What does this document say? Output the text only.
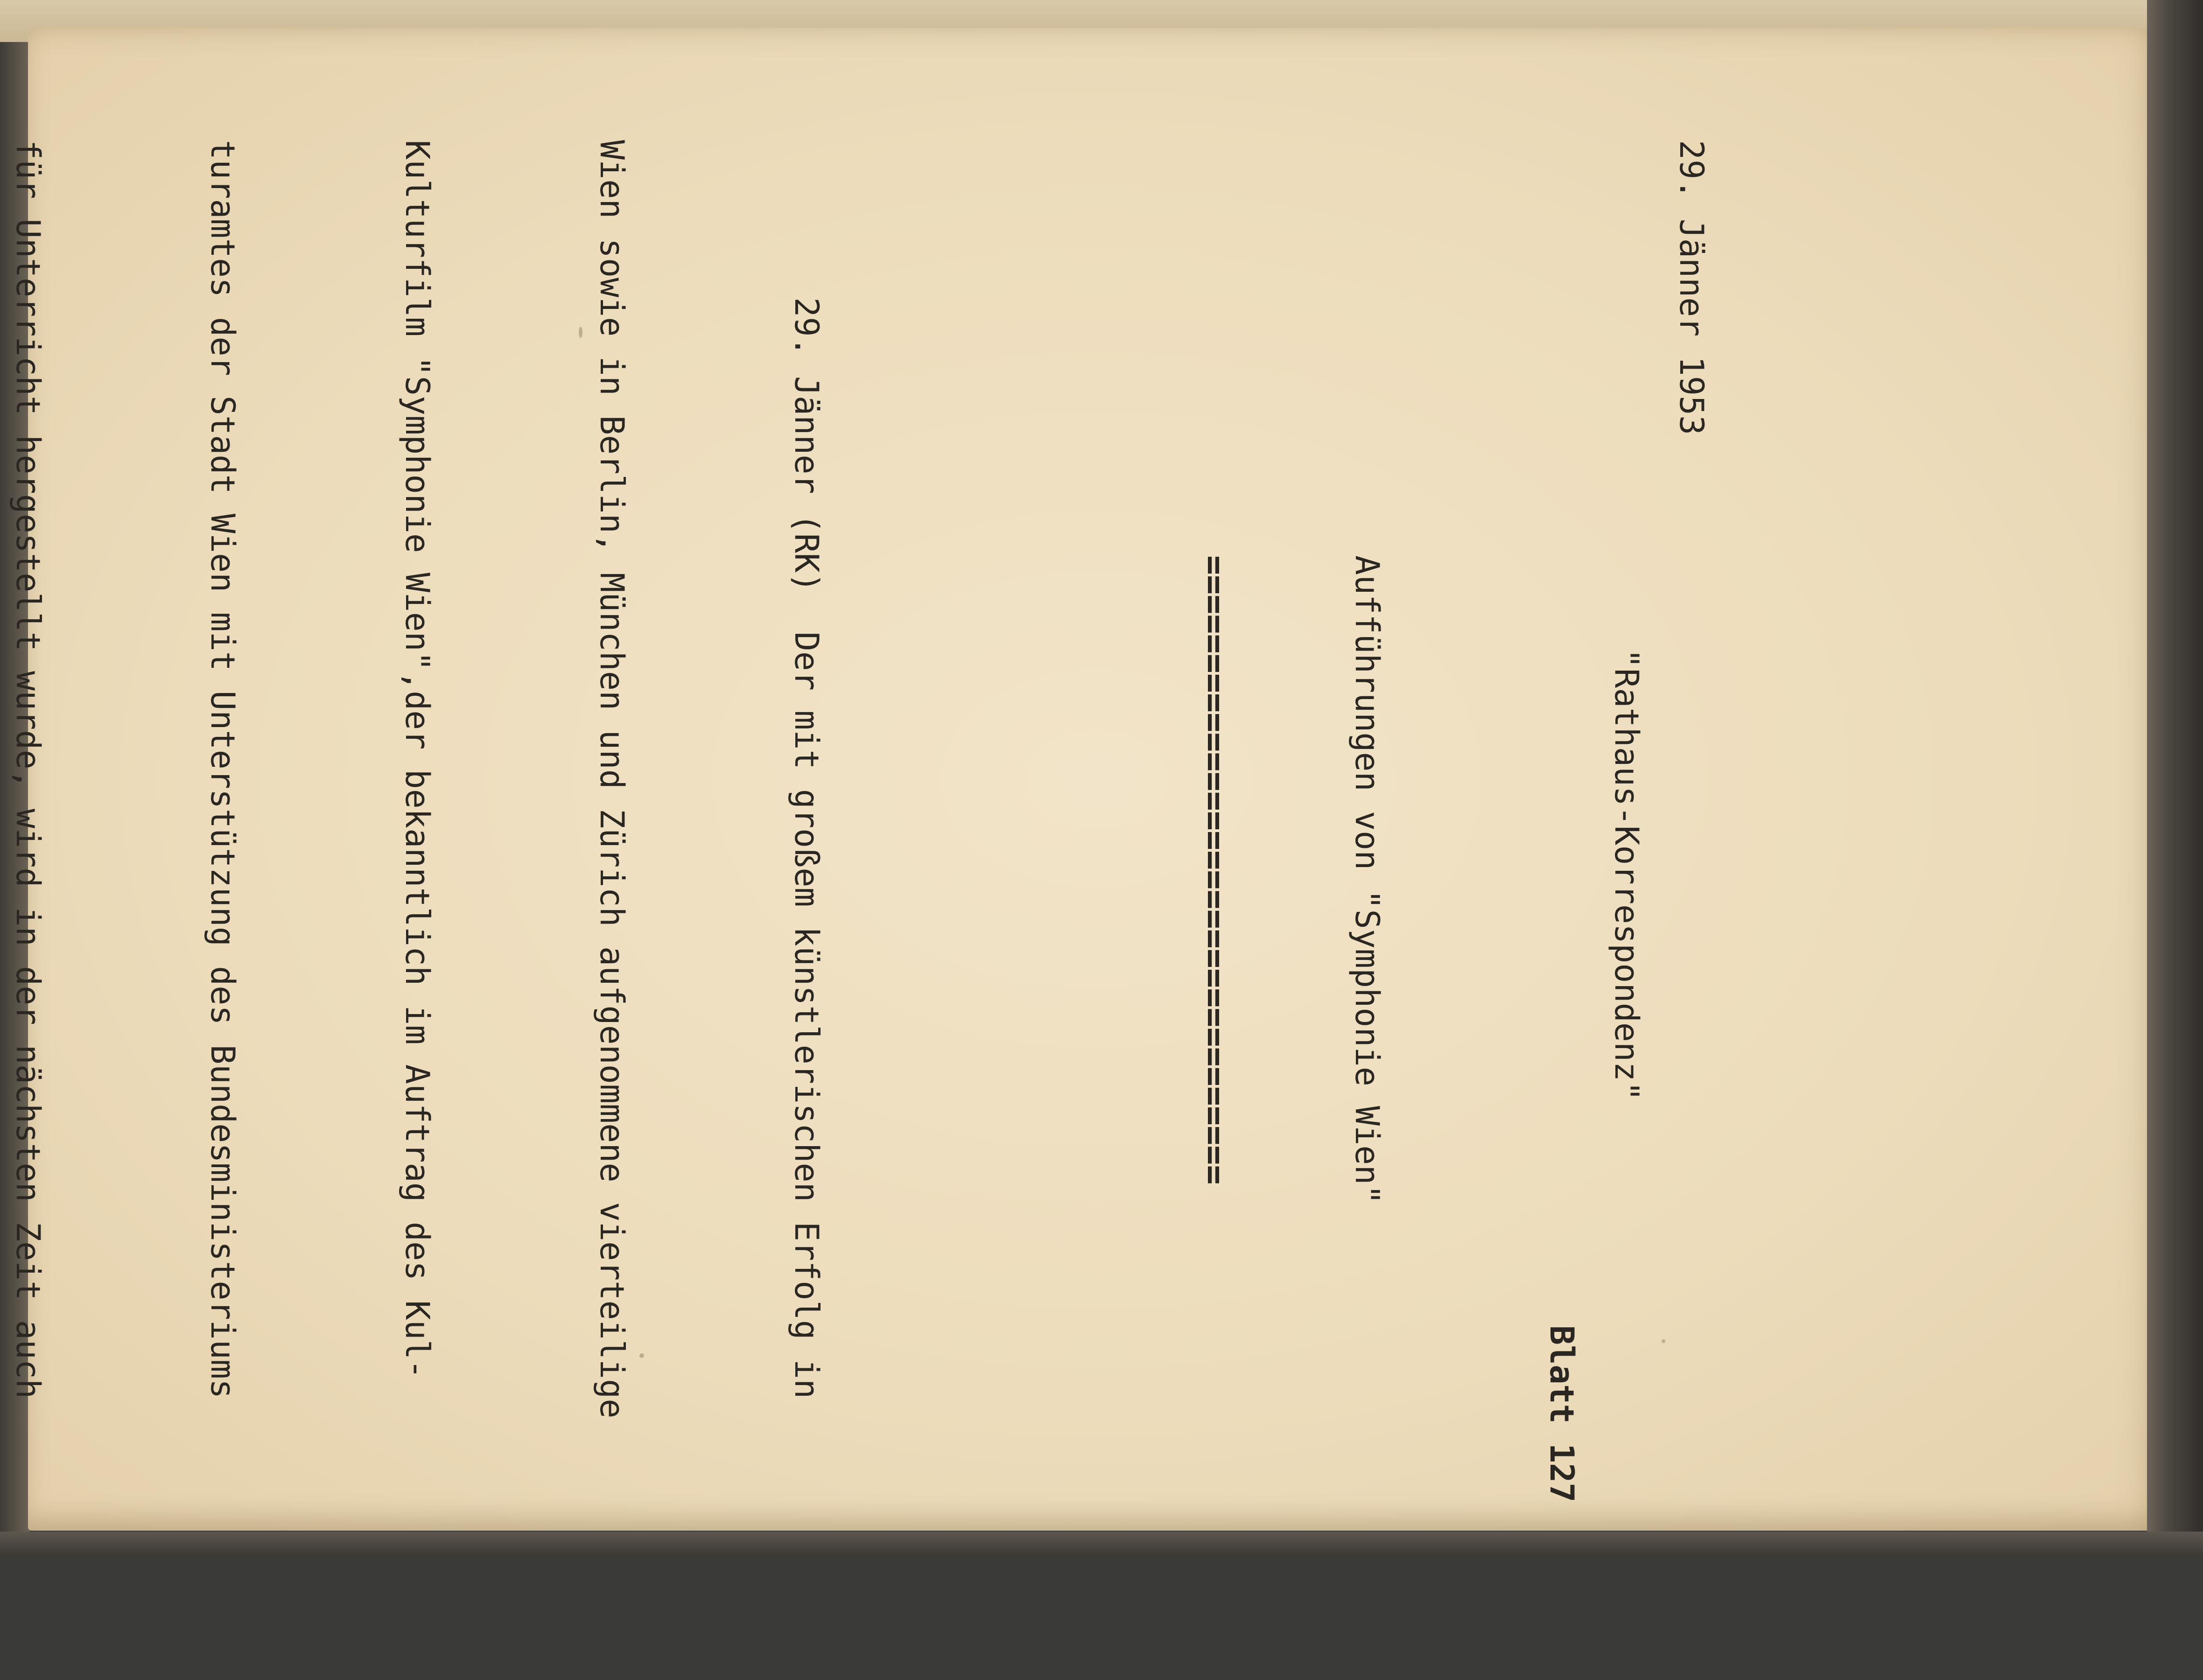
29. Jänner 1953

"Rathaus-Korrespondenz"

Blatt 127

Aufführungen von "Symphonie Wien"

================================

29. Jänner (RK)  Der mit großem künstlerischen Erfolg in

Wien sowie in Berlin, München und Zürich aufgenommene vierteilige

Kulturfilm "Symphonie Wien",der bekanntlich im Auftrag des Kul-

turamtes der Stadt Wien mit Unterstützung des Bundesministeriums

für Unterricht hergestellt wurde, wird in der nächsten Zeit auch
